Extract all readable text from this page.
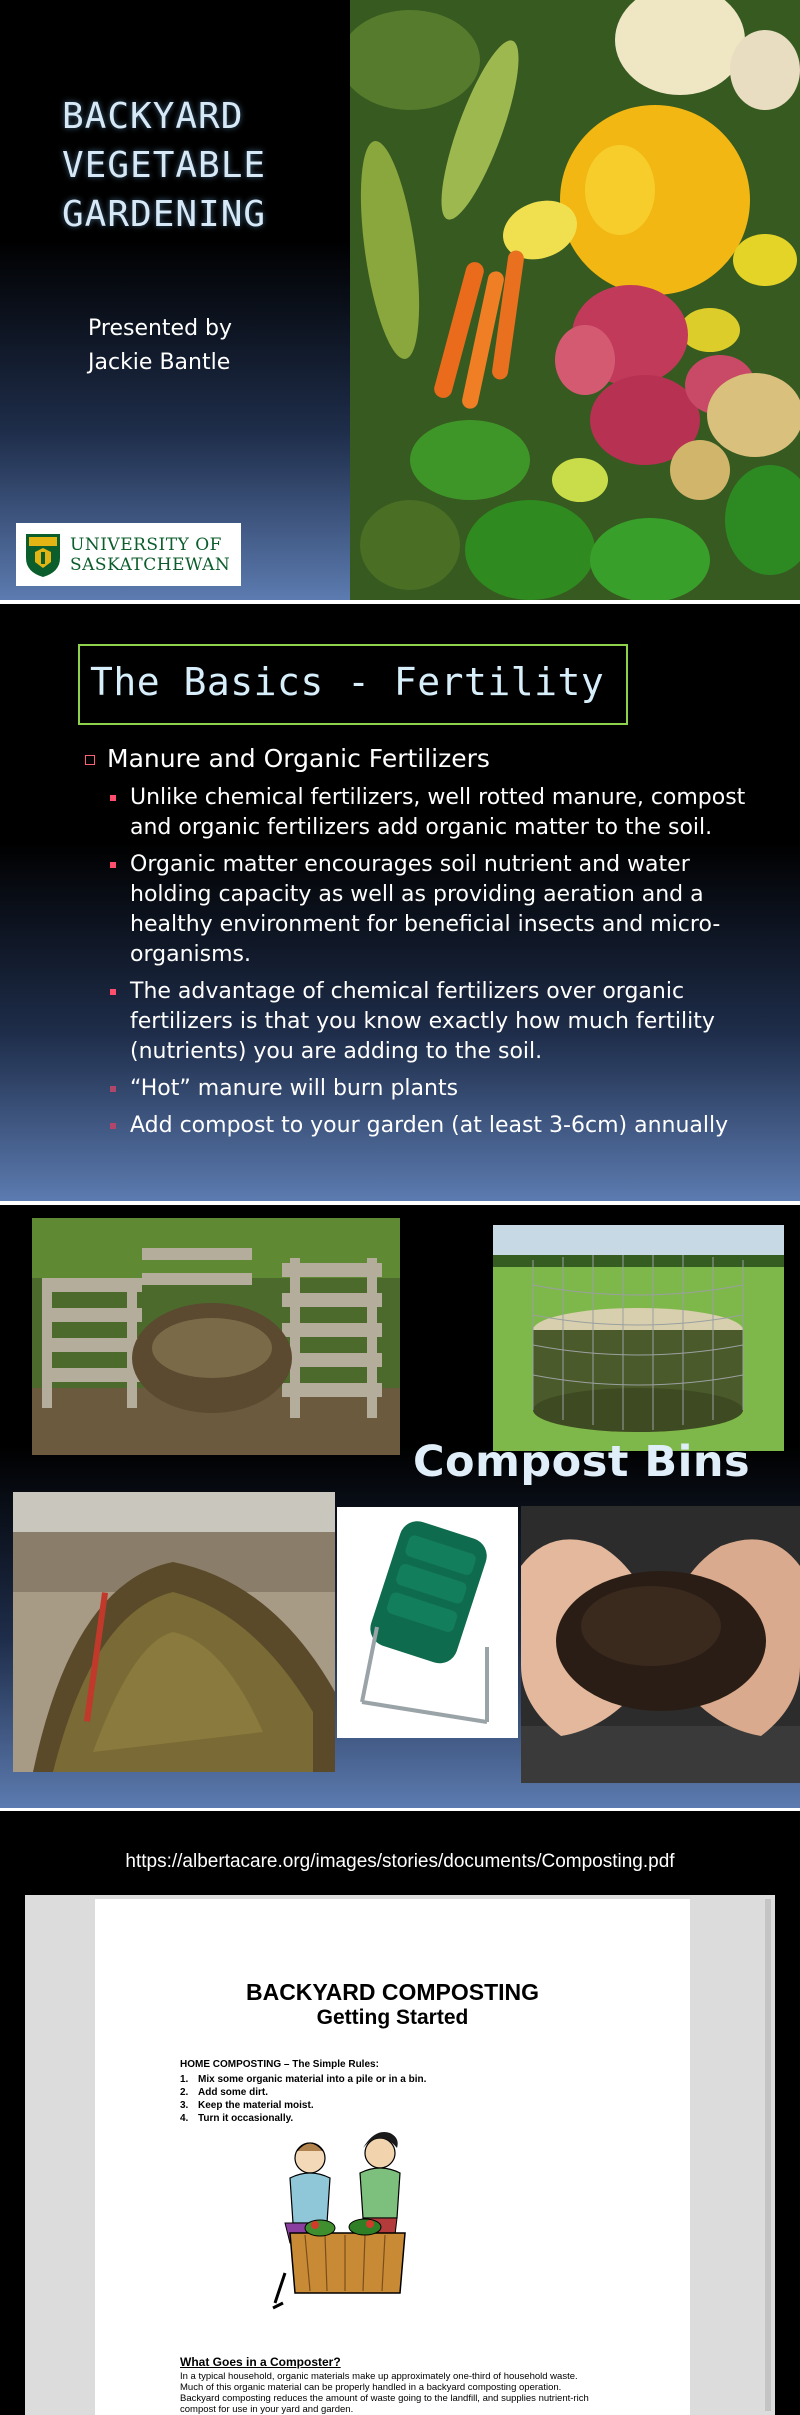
BACKYARD VEGETABLE GARDENING
Presented by
Jackie Bantle
UNIVERSITY OF
SASKATCHEWAN
The Basics - Fertility
Manure and Organic Fertilizers
Unlike chemical fertilizers, well rotted manure, compost and organic fertilizers add organic matter to the soil.
Organic matter encourages soil nutrient and water holding capacity as well as providing aeration and a healthy environment for beneficial insects and micro-organisms.
The advantage of chemical fertilizers over organic fertilizers is that you know exactly how much fertility (nutrients) you are adding to the soil.
“Hot” manure will burn plants
Add compost to your garden (at least 3-6cm) annually
Compost Bins
https://albertacare.org/images/stories/documents/Composting.pdf
BACKYARD COMPOSTING
Getting Started
HOME COMPOSTING – The Simple Rules:
1. Mix some organic material into a pile or in a bin.
2. Add some dirt.
3. Keep the material moist.
4. Turn it occasionally.
What Goes in a Composter?
In a typical household, organic materials make up approximately one-third of household waste. Much of this organic material can be properly handled in a backyard composting operation. Backyard composting reduces the amount of waste going to the landfill, and supplies nutrient-rich compost for use in your yard and garden.
